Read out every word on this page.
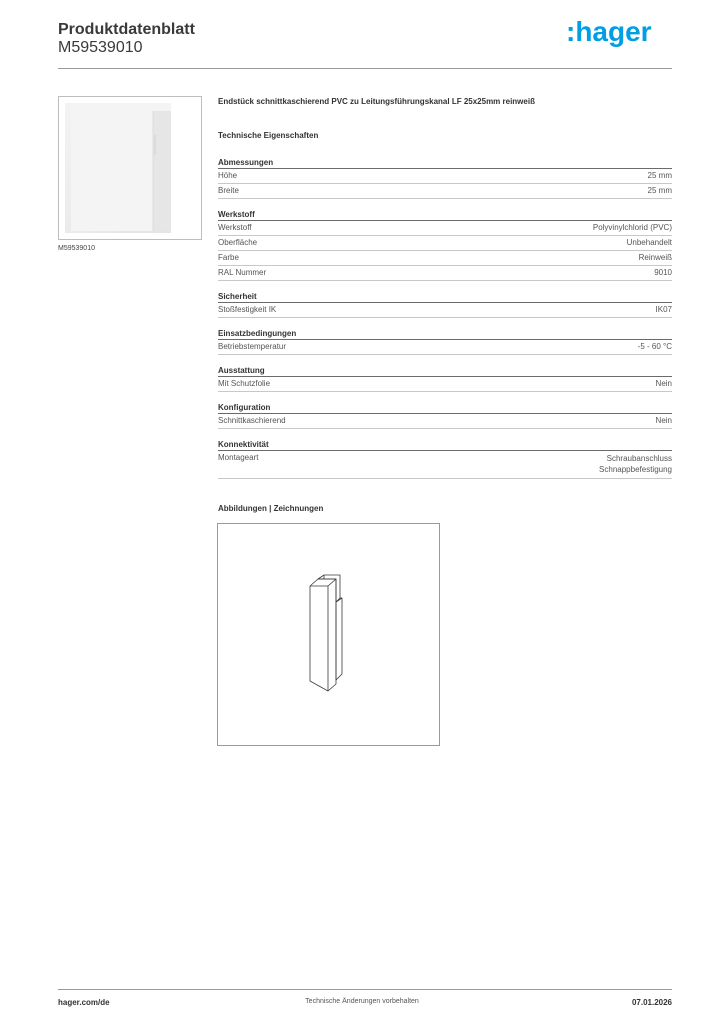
Produktdatenblatt
M59539010
:hager
M59539010
Endstück schnittkaschierend PVC zu Leitungsführungskanal LF 25x25mm reinweiß
Technische Eigenschaften
Abmessungen
Höhe	25 mm
Breite	25 mm
Werkstoff
Werkstoff	Polyvinylchlorid (PVC)
Oberfläche	Unbehandelt
Farbe	Reinweiß
RAL Nummer	9010
Sicherheit
Stoßfestigkeit IK	IK07
Einsatzbedingungen
Betriebstemperatur	-5 - 60 °C
Ausstattung
Mit Schutzfolie	Nein
Konfiguration
Schnittkaschierend	Nein
Konnektivität
Montageart	Schraubanschluss
Schnappbefestigung
Abbildungen | Zeichnungen
hager.com/de	Technische Änderungen vorbehalten	07.01.2026
